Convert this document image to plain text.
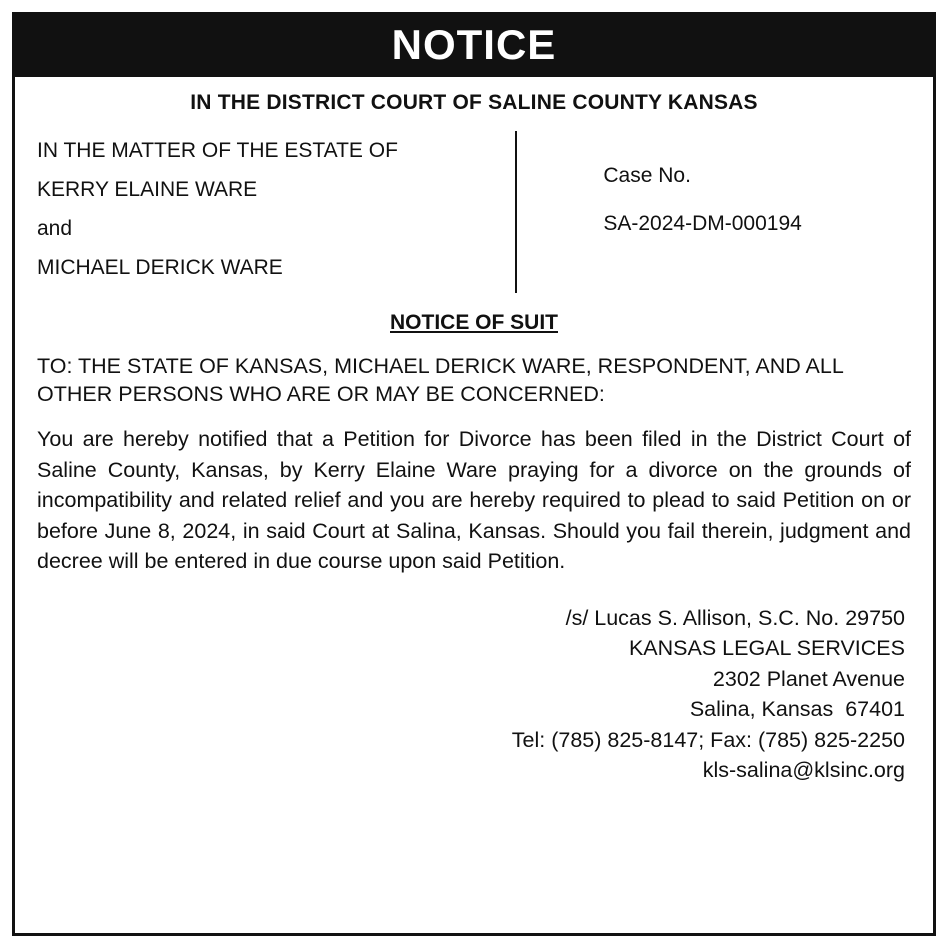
NOTICE
IN THE DISTRICT COURT OF SALINE COUNTY KANSAS
IN THE MATTER OF THE ESTATE OF
KERRY ELAINE WARE
and
MICHAEL DERICK WARE

Case No.

SA-2024-DM-000194

NOTICE OF SUIT
TO: THE STATE OF KANSAS, MICHAEL DERICK WARE, RESPONDENT, AND ALL OTHER PERSONS WHO ARE OR MAY BE CONCERNED:
You are hereby notified that a Petition for Divorce has been filed in the District Court of Saline County, Kansas, by Kerry Elaine Ware praying for a divorce on the grounds of incompatibility and related relief and you are hereby required to plead to said Petition on or before June 8, 2024, in said Court at Salina, Kansas. Should you fail therein, judgment and decree will be entered in due course upon said Petition.
/s/ Lucas S. Allison, S.C. No. 29750
KANSAS LEGAL SERVICES
2302 Planet Avenue
Salina, Kansas  67401
Tel: (785) 825-8147; Fax: (785) 825-2250
kls-salina@klsinc.org
